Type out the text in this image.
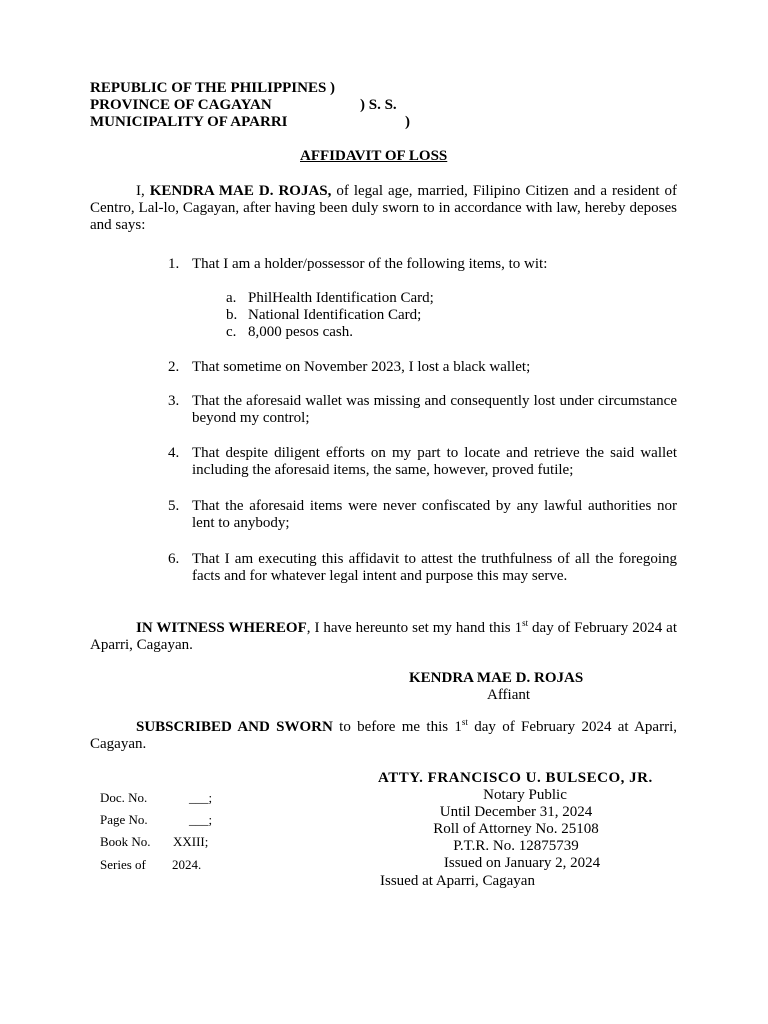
REPUBLIC OF THE PHILIPPINES )
PROVINCE OF CAGAYAN	) S. S.
MUNICIPALITY OF APARRI	)
AFFIDAVIT OF LOSS
I, KENDRA MAE D. ROJAS, of legal age, married, Filipino Citizen and a resident of Centro, Lal-lo, Cagayan, after having been duly sworn to in accordance with law, hereby deposes and says:
1. That I am a holder/possessor of the following items, to wit:
a. PhilHealth Identification Card;
b. National Identification Card;
c. 8,000 pesos cash.
2. That sometime on November 2023, I lost a black wallet;
3. That the aforesaid wallet was missing and consequently lost under circumstance beyond my control;
4. That despite diligent efforts on my part to locate and retrieve the said wallet including the aforesaid items, the same, however, proved futile;
5. That the aforesaid items were never confiscated by any lawful authorities nor lent to anybody;
6. That I am executing this affidavit to attest the truthfulness of all the foregoing facts and for whatever legal intent and purpose this may serve.
IN WITNESS WHEREOF, I have hereunto set my hand this 1st day of February 2024 at Aparri, Cagayan.
KENDRA MAE D. ROJAS
Affiant
SUBSCRIBED AND SWORN to before me this 1st day of February 2024 at Aparri, Cagayan.
ATTY. FRANCISCO U. BULSECO, JR.
Notary Public
Until December 31, 2024
Roll of Attorney No. 25108
P.T.R. No. 12875739
Issued on January 2, 2024
Issued at Aparri, Cagayan
Doc. No.	___;
Page No.	___;
Book No. XXIII;
Series of 2024.
